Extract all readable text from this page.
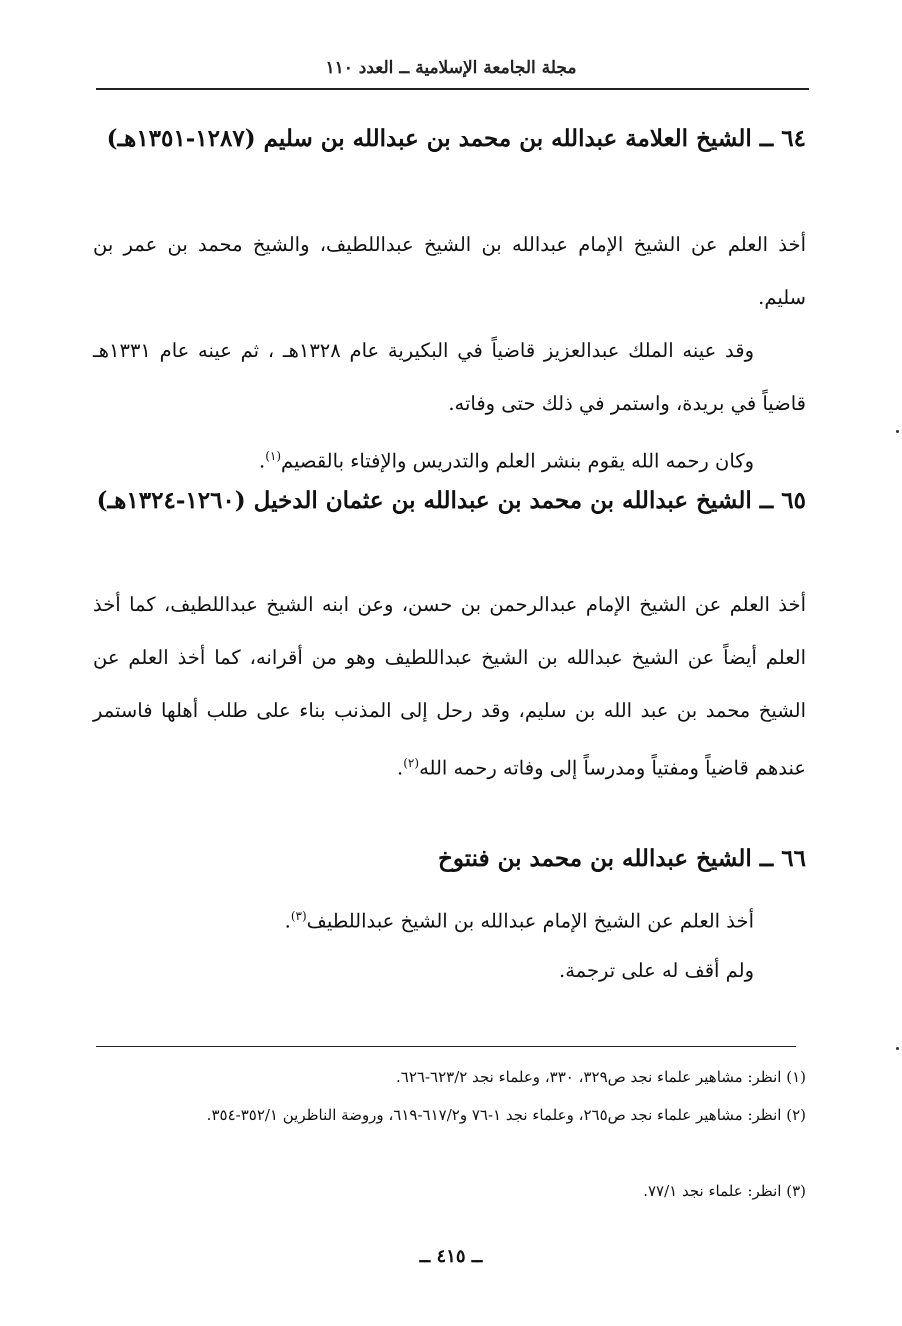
مجلة الجامعة الإسلامية ــ العدد ١١٠
٦٤ ــ الشيخ العلامة عبدالله بن محمد بن عبدالله بن سليم (١٢٨٧-١٣٥١هـ)
أخذ العلم عن الشيخ الإمام عبدالله بن الشيخ عبداللطيف، والشيخ محمد بن عمر بن سليم.
وقد عينه الملك عبدالعزيز قاضياً في البكيرية عام ١٣٢٨هـ ، ثم عينه عام ١٣٣١هـ قاضياً في بريدة، واستمر في ذلك حتى وفاته.
وكان رحمه الله يقوم بنشر العلم والتدريس والإفتاء بالقصيم$^{(١)}$.
٦٥ ــ الشيخ عبدالله بن محمد بن عبدالله بن عثمان الدخيل (١٢٦٠-١٣٢٤هـ)
أخذ العلم عن الشيخ الإمام عبدالرحمن بن حسن، وعن ابنه الشيخ عبداللطيف، كما أخذ العلم أيضاً عن الشيخ عبدالله بن الشيخ عبداللطيف وهو من أقرانه، كما أخذ العلم عن الشيخ محمد بن عبد الله بن سليم، وقد رحل إلى المذنب بناء على طلب أهلها فاستمر عندهم قاضياً ومفتياً ومدرساً إلى وفاته رحمه الله$^{(٢)}$.
٦٦ ــ الشيخ عبدالله بن محمد بن فنتوخ
أخذ العلم عن الشيخ الإمام عبدالله بن الشيخ عبداللطيف$^{(٣)}$.
ولم أقف له على ترجمة.
(١) انظر: مشاهير علماء نجد ص٣٢٩، ٣٣٠، وعلماء نجد ٦٢٣/٢-٦٢٦.
(٢) انظر: مشاهير علماء نجد ص٢٦٥، وعلماء نجد ١-٧٦ و٦١٧/٢-٦١٩، وروضة الناظرين ٣٥٢/١-٣٥٤.
(٣) انظر: علماء نجد ٧٧/١.
ــ ٤١٥ ــ
